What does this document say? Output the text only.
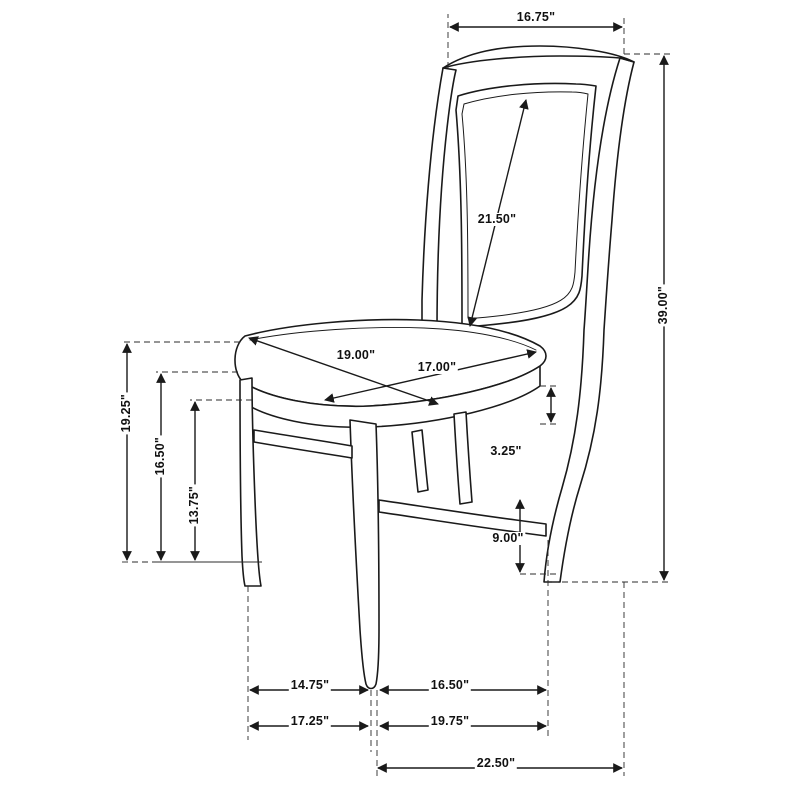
16.75"
21.50"
39.00"
19.00"
17.00"
19.25"
16.50"
13.75"
3.25"
9.00"
14.75"	16.50"
17.25"	19.75"
22.50"
